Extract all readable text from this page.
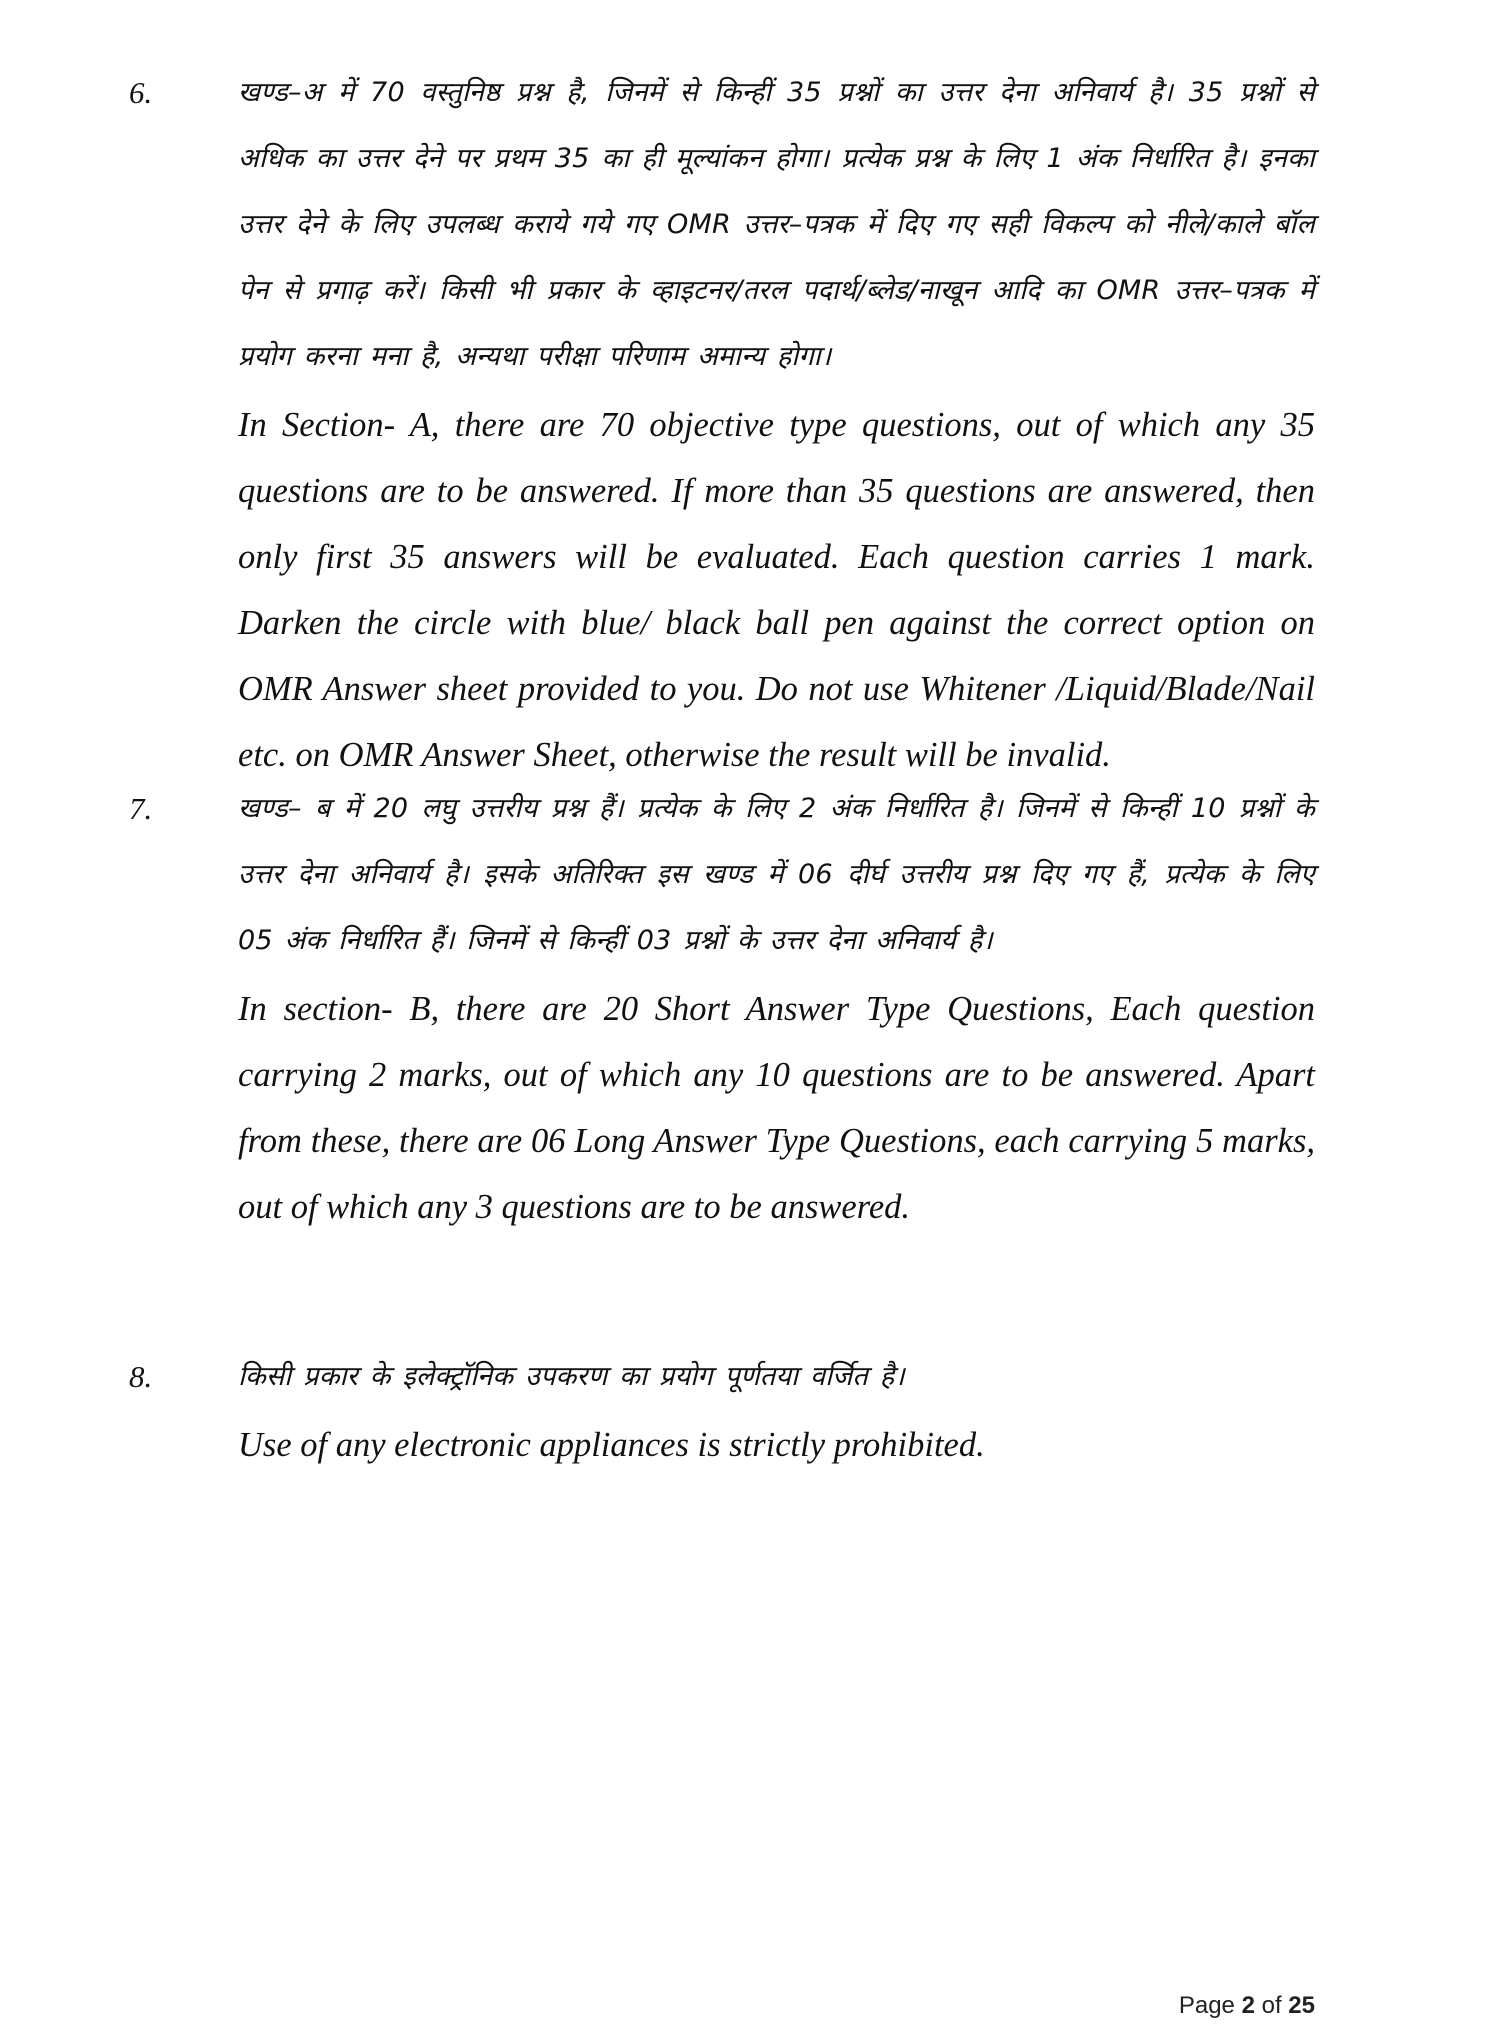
6.	खण्ड–अ में 70 वस्तुनिष्ठ प्रश्न है, जिनमें से किन्हीं 35 प्रश्नों का उत्तर देना अनिवार्य है। 35 प्रश्नों से अधिक का उत्तर देने पर प्रथम 35 का ही मूल्यांकन होगा। प्रत्येक प्रश्न के लिए 1 अंक निर्धारित है। इनका उत्तर देने के लिए उपलब्ध कराये गये गए OMR उत्तर–पत्रक में दिए गए सही विकल्प को नीले/काले बॉल पेन से प्रगाढ़ करें। किसी भी प्रकार के व्हाइटनर/तरल पदार्थ/ब्लेड/नाखून आदि का OMR उत्तर–पत्रक में प्रयोग करना मना है, अन्यथा परीक्षा परिणाम अमान्य होगा।
In Section- A, there are 70 objective type questions, out of which any 35 questions are to be answered. If more than 35 questions are answered, then only first 35 answers will be evaluated. Each question carries 1 mark. Darken the circle with blue/ black ball pen against the correct option on OMR Answer sheet provided to you. Do not use Whitener /Liquid/Blade/Nail etc. on OMR Answer Sheet, otherwise the result will be invalid.
7.	खण्ड– ब में 20 लघु उत्तरीय प्रश्न हैं। प्रत्येक के लिए 2 अंक निर्धारित है। जिनमें से किन्हीं 10 प्रश्नों के उत्तर देना अनिवार्य है। इसके अतिरिक्त इस खण्ड में 06 दीर्घ उत्तरीय प्रश्न दिए गए हैं, प्रत्येक के लिए 05 अंक निर्धारित हैं। जिनमें से किन्हीं 03 प्रश्नों के उत्तर देना अनिवार्य है।
In section- B, there are 20 Short Answer Type Questions, Each question carrying 2 marks, out of which any 10 questions are to be answered. Apart from these, there are 06 Long Answer Type Questions, each carrying 5 marks, out of which any 3 questions are to be answered.
8.	किसी प्रकार के इलेक्ट्रॉनिक उपकरण का प्रयोग पूर्णतया वर्जित है।
Use of any electronic appliances is strictly prohibited.
Page 2 of 25
